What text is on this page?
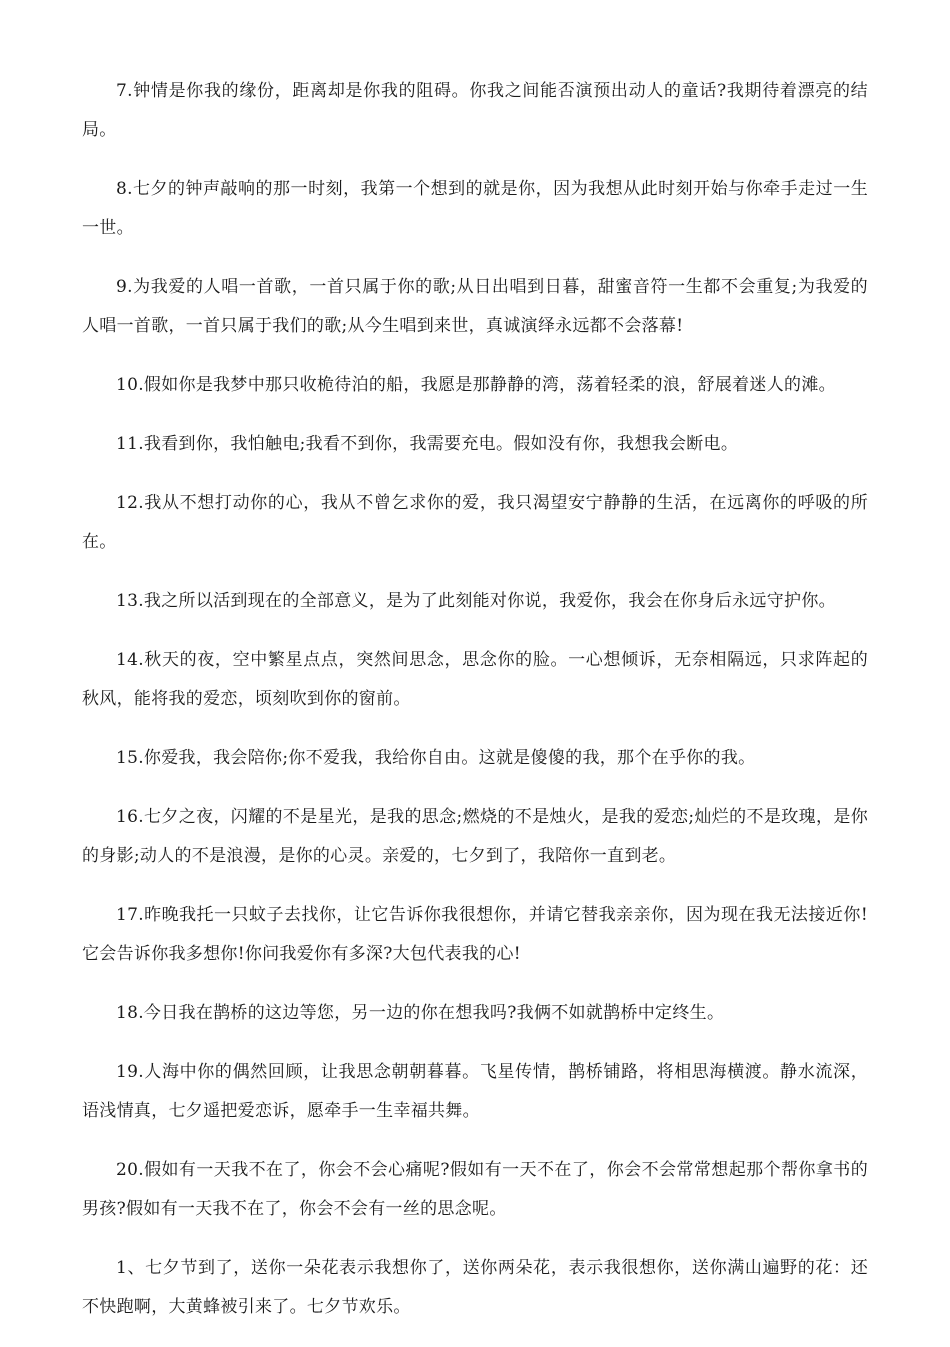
7.钟情是你我的缘份，距离却是你我的阻碍。你我之间能否演预出动人的童话?我期待着漂亮的结局。

8.七夕的钟声敲响的那一时刻，我第一个想到的就是你，因为我想从此时刻开始与你牵手走过一生一世。

9.为我爱的人唱一首歌，一首只属于你的歌;从日出唱到日暮，甜蜜音符一生都不会重复;为我爱的人唱一首歌，一首只属于我们的歌;从今生唱到来世，真诚演绎永远都不会落幕!

10.假如你是我梦中那只收桅待泊的船，我愿是那静静的湾，荡着轻柔的浪，舒展着迷人的滩。

11.我看到你，我怕触电;我看不到你，我需要充电。假如没有你，我想我会断电。

12.我从不想打动你的心，我从不曾乞求你的爱，我只渴望安宁静静的生活，在远离你的呼吸的所在。

13.我之所以活到现在的全部意义，是为了此刻能对你说，我爱你，我会在你身后永远守护你。

14.秋天的夜，空中繁星点点，突然间思念，思念你的脸。一心想倾诉，无奈相隔远，只求阵起的秋风，能将我的爱恋，顷刻吹到你的窗前。

15.你爱我，我会陪你;你不爱我，我给你自由。这就是傻傻的我，那个在乎你的我。

16.七夕之夜，闪耀的不是星光，是我的思念;燃烧的不是烛火，是我的爱恋;灿烂的不是玫瑰，是你的身影;动人的不是浪漫，是你的心灵。亲爱的，七夕到了，我陪你一直到老。

17.昨晚我托一只蚊子去找你，让它告诉你我很想你，并请它替我亲亲你，因为现在我无法接近你!它会告诉你我多想你!你问我爱你有多深?大包代表我的心!

18.今日我在鹊桥的这边等您，另一边的你在想我吗?我俩不如就鹊桥中定终生。

19.人海中你的偶然回顾，让我思念朝朝暮暮。飞星传情，鹊桥铺路，将相思海横渡。静水流深，语浅情真，七夕遥把爱恋诉，愿牵手一生幸福共舞。

20.假如有一天我不在了，你会不会心痛呢?假如有一天不在了，你会不会常常想起那个帮你拿书的男孩?假如有一天我不在了，你会不会有一丝的思念呢。

1、七夕节到了，送你一朵花表示我想你了，送你两朵花，表示我很想你，送你满山遍野的花：还不快跑啊，大黄蜂被引来了。七夕节欢乐。
